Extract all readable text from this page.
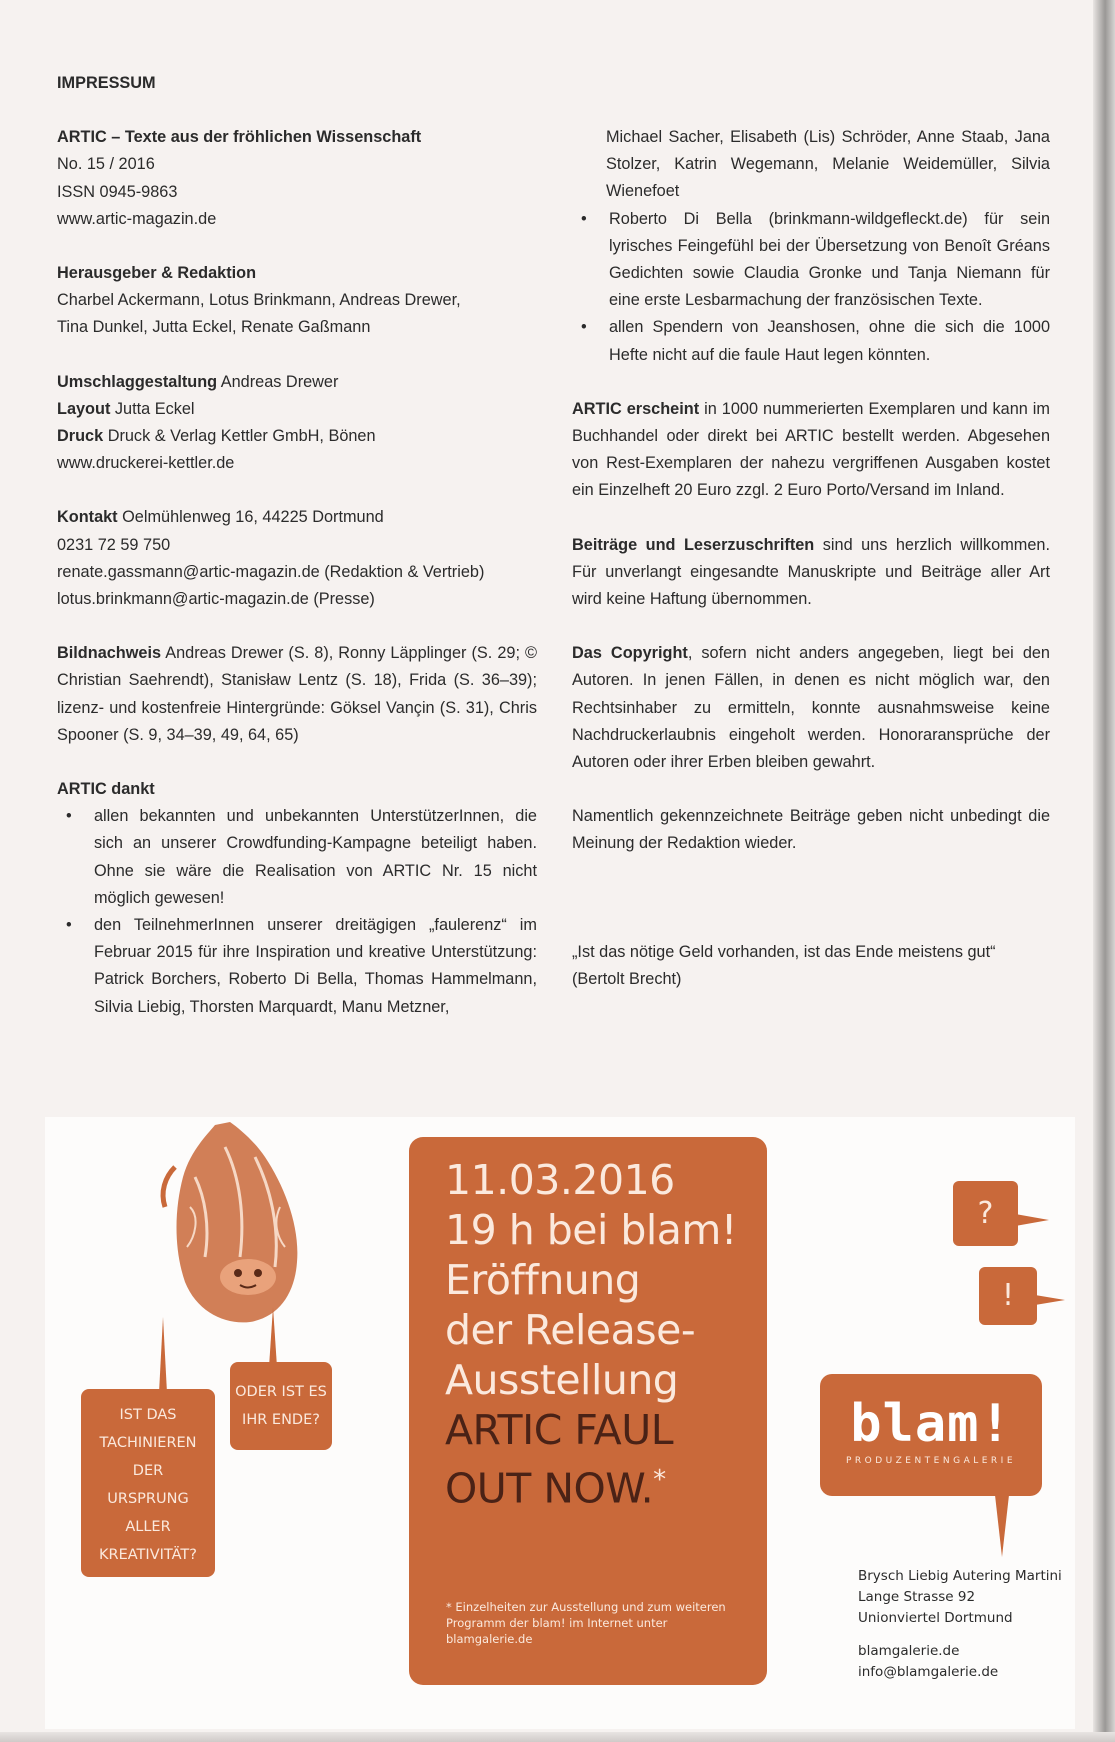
IMPRESSUM

ARTIC – Texte aus der fröhlichen Wissenschaft

No. 15 / 2016

ISSN 0945-9863

www.artic-magazin.de

Herausgeber & Redaktion

Charbel Ackermann, Lotus Brinkmann, Andreas Drewer,

Tina Dunkel, Jutta Eckel, Renate Gaßmann

Umschlaggestaltung Andreas Drewer

Layout Jutta Eckel

Druck Druck & Verlag Kettler GmbH, Bönen

www.druckerei-kettler.de

Kontakt Oelmühlenweg 16, 44225 Dortmund

0231 72 59 750

renate.gassmann@artic-magazin.de (Redaktion & Vertrieb)

lotus.brinkmann@artic-magazin.de (Presse)

Bildnachweis Andreas Drewer (S. 8), Ronny Läpplinger (S. 29; © Christian Saehrendt), Stanisław Lentz (S. 18), Frida (S. 36–39); lizenz- und kostenfreie Hintergründe: Göksel Vançin (S. 31), Chris Spooner (S. 9, 34–39, 49, 64, 65)

ARTIC dankt

• allen bekannten und unbekannten UnterstützerInnen, die sich an unserer Crowdfunding-Kampagne beteiligt haben. Ohne sie wäre die Realisation von ARTIC Nr. 15 nicht möglich gewesen!
• den TeilnehmerInnen unserer dreitägigen „faulerenz“ im Februar 2015 für ihre Inspiration und kreative Unterstützung: Patrick Borchers, Roberto Di Bella, Thomas Hammelmann, Silvia Liebig, Thorsten Marquardt, Manu Metzner,

Michael Sacher, Elisabeth (Lis) Schröder, Anne Staab, Jana Stolzer, Katrin Wegemann, Melanie Weidemüller, Silvia Wienefoet

• Roberto Di Bella (brinkmann-wildgefleckt.de) für sein lyrisches Feingefühl bei der Übersetzung von Benoît Gréans Gedichten sowie Claudia Gronke und Tanja Niemann für eine erste Lesbarmachung der französischen Texte.
• allen Spendern von Jeanshosen, ohne die sich die 1000 Hefte nicht auf die faule Haut legen könnten.

ARTIC erscheint in 1000 nummerierten Exemplaren und kann im Buchhandel oder direkt bei ARTIC bestellt werden. Abgesehen von Rest-Exemplaren der nahezu vergriffenen Ausgaben kostet ein Einzelheft 20 Euro zzgl. 2 Euro Porto/Versand im Inland.

Beiträge und Leserzuschriften sind uns herzlich willkommen. Für unverlangt eingesandte Manuskripte und Beiträge aller Art wird keine Haftung übernommen.

Das Copyright, sofern nicht anders angegeben, liegt bei den Autoren. In jenen Fällen, in denen es nicht möglich war, den Rechtsinhaber zu ermitteln, konnte ausnahmsweise keine Nachdruckerlaubnis eingeholt werden. Honoraransprüche der Autoren oder ihrer Erben bleiben gewahrt.

Namentlich gekennzeichnete Beiträge geben nicht unbedingt die Meinung der Redaktion wieder.

„Ist das nötige Geld vorhanden, ist das Ende meistens gut“

(Bertolt Brecht)

IST DAS
TACHINIEREN
DER
URSPRUNG
ALLER
KREATIVITÄT?
ODER IST ES
IHR ENDE?
11.03.2016
19 h bei blam!
Eröffnung
der Release-
Ausstellung
ARTIC FAUL
OUT NOW.*
* Einzelheiten zur Ausstellung und zum weiteren Programm der blam! im Internet unter blamgalerie.de
?
!
blam!
PRODUZENTENGALERIE
Brysch Liebig Autering Martini
Lange Strasse 92
Unionviertel Dortmund
blamgalerie.de
info@blamgalerie.de
